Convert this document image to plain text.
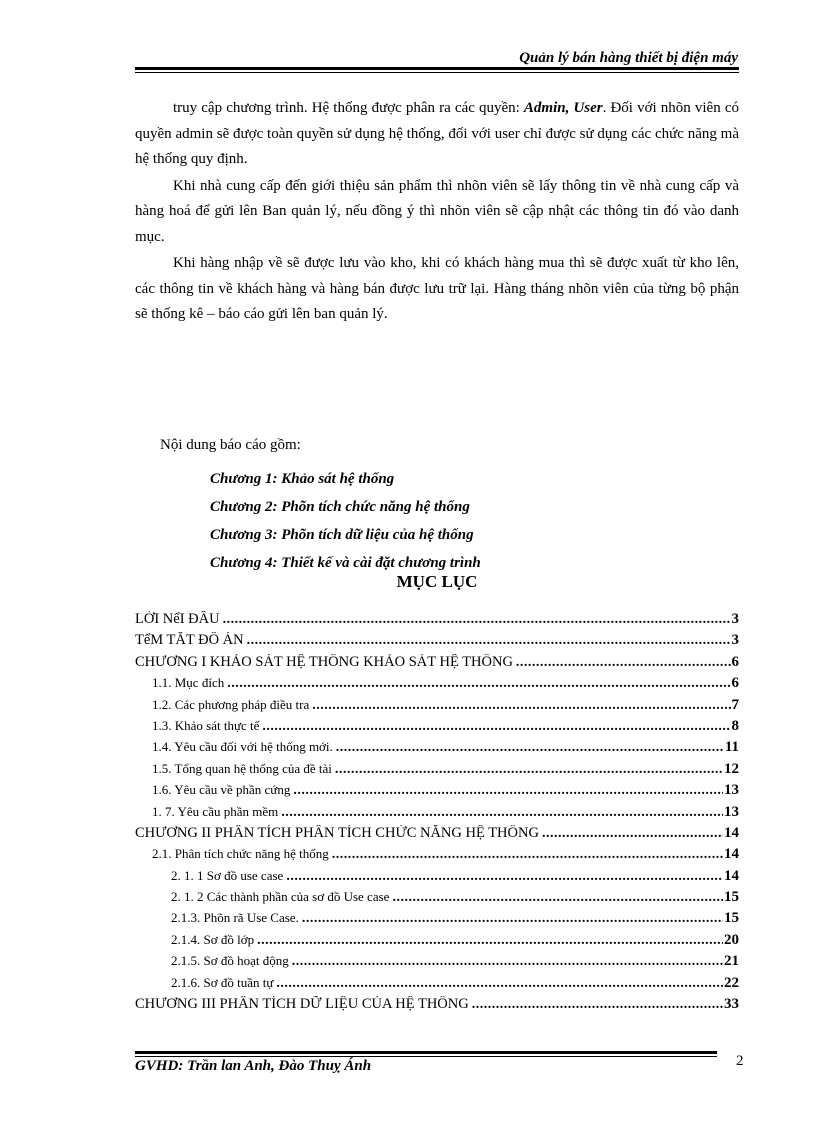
Quản lý bán hàng thiết bị điện máy

truy cập chương trình. Hệ thống được phân ra các quyền: Admin, User. Đối với nhõn viên có quyền admin sẽ được toàn quyền sử dụng hệ thống, đối với user chỉ được sử dụng các chức năng mà hệ thống quy định.

Khi nhà cung cấp đến giới thiệu sản phẩm thì nhõn viên sẽ lấy thông tin về nhà cung cấp và hàng hoá để gửi lên Ban quản lý, nếu đồng ý thì nhõn viên sẽ cập nhật các thông tin đó vào danh mục.

Khi hàng nhập về sẽ được lưu vào kho, khi có khách hàng mua thì sẽ được xuất từ kho lên, các thông tin về khách hàng và hàng bán được lưu trữ lại. Hàng tháng nhõn viên của từng bộ phận sẽ thống kê – báo cáo gửi lên ban quản lý.

Nội dung báo cáo gồm:
Chương 1: Khảo sát hệ thống
Chương 2: Phõn tích chức năng hệ thống
Chương 3: Phõn tích dữ liệu của hệ thống
Chương 4: Thiết kế và cài đặt chương trình
MỤC LỤC
LỜI NểI ĐẦU .....	3
TểM TẮT ĐỒ ÁN .....	3
CHƯƠNG I KHẢO SÁT HỆ THỐNG KHẢO SÁT HỆ THỐNG .....	6
1.1. Mục đích .....	6
1.2. Các phương pháp điều tra .....	7
1.3. Khảo sát thực tế .....	8
1.4. Yêu cầu đối với hệ thống mới. .....	11
1.5. Tổng quan hệ thống của đề tài .....	12
1.6. Yêu cầu về phần cứng .....	13
1. 7. Yêu cầu phần mềm .....	13
CHƯƠNG II PHÂN TÍCH PHÂN TÍCH CHỨC NĂNG HỆ THỐNG .....	14
2.1. Phân tích chức năng hệ thống .....	14
2. 1. 1 Sơ đồ use case .....	14
2. 1. 2 Các thành phần của sơ đồ Use case .....	15
2.1.3. Phõn rã Use Case. .....	15
2.1.4. Sơ đồ lớp .....	20
2.1.5. Sơ đồ hoạt động .....	21
2.1.6. Sơ đồ tuần tự .....	22
CHƯƠNG III PHÂN TÍCH DỮ LIỆU CỦA HỆ THỐNG .....	33
GVHD: Trần lan Anh, Đào Thuỵ Ánh	2
